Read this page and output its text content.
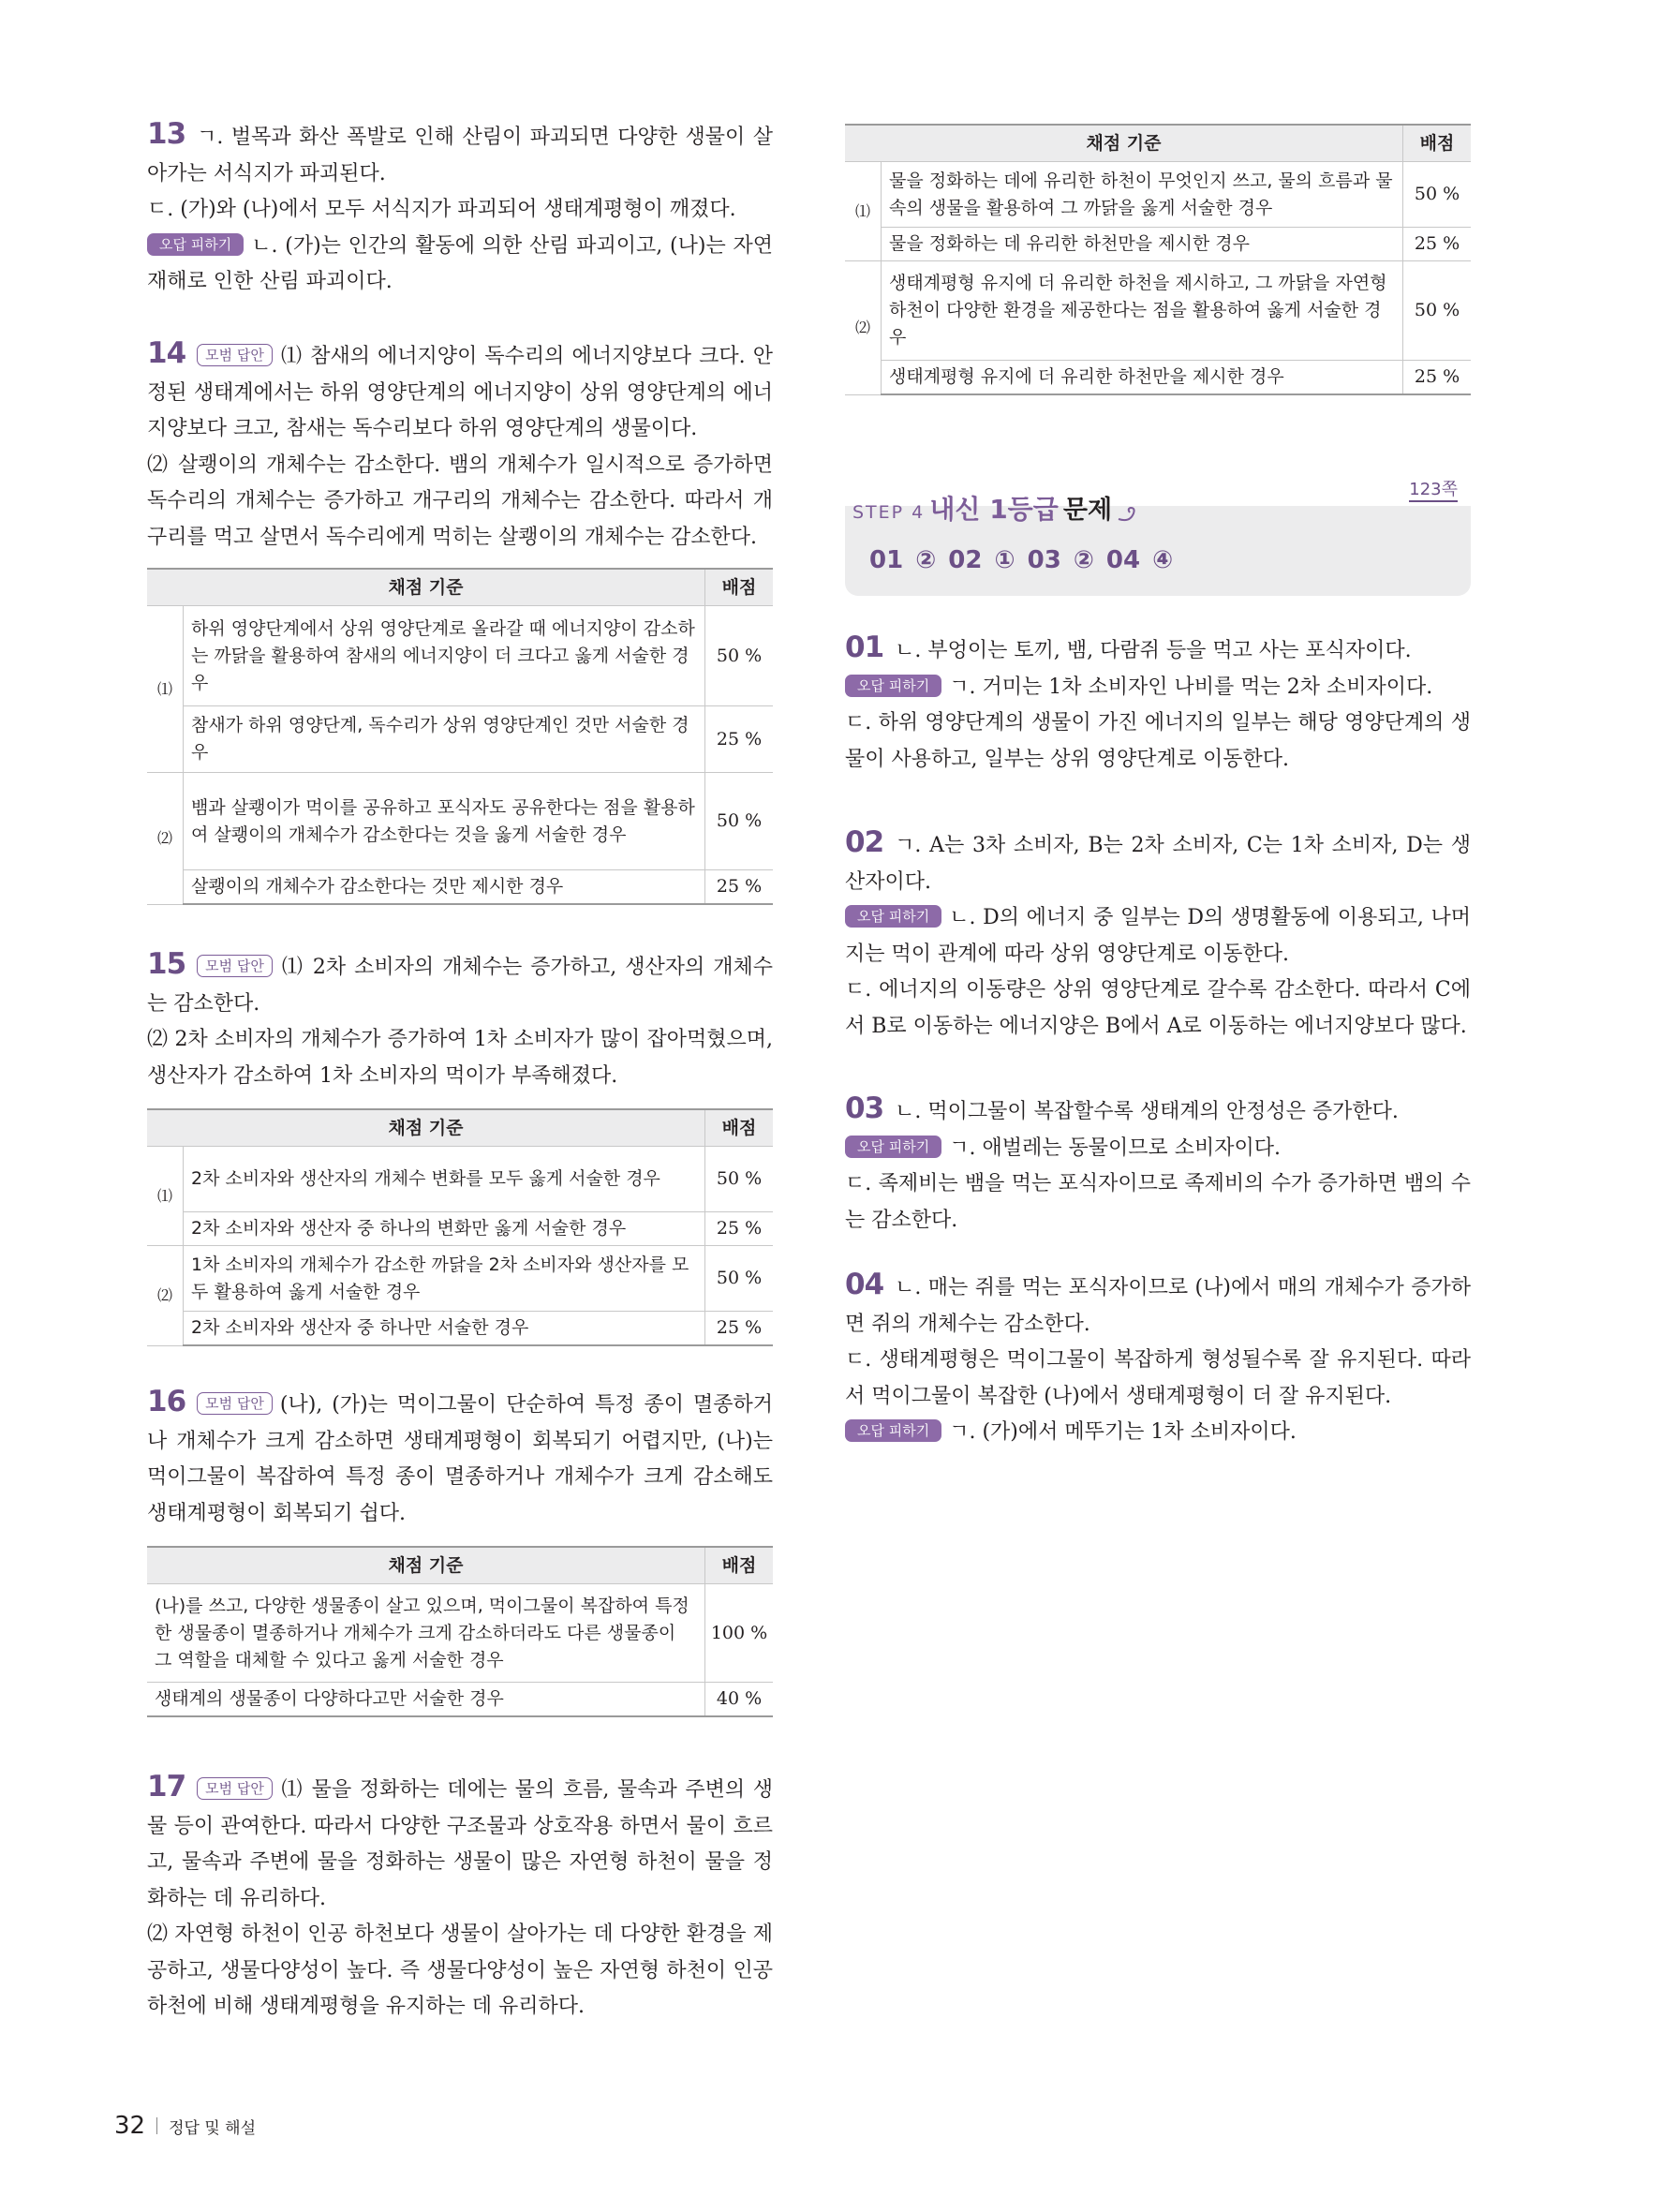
13 ㄱ. 벌목과 화산 폭발로 인해 산림이 파괴되면 다양한 생물이 살아가는 서식지가 파괴된다.

ㄷ. (가)와 (나)에서 모두 서식지가 파괴되어 생태계평형이 깨졌다.

오답 피하기 ㄴ. (가)는 인간의 활동에 의한 산림 파괴이고, (나)는 자연재해로 인한 산림 파괴이다.

14 모범 답안 ⑴ 참새의 에너지양이 독수리의 에너지양보다 크다. 안정된 생태계에서는 하위 영양단계의 에너지양이 상위 영양단계의 에너지양보다 크고, 참새는 독수리보다 하위 영양단계의 생물이다.

⑵ 살쾡이의 개체수는 감소한다. 뱀의 개체수가 일시적으로 증가하면 독수리의 개체수는 증가하고 개구리의 개체수는 감소한다. 따라서 개구리를 먹고 살면서 독수리에게 먹히는 살쾡이의 개체수는 감소한다.

채점 기준		배점
⑴	하위 영양단계에서 상위 영양단계로 올라갈 때 에너지양이 감소하는 까닭을 활용하여 참새의 에너지양이 더 크다고 옳게 서술한 경우	50 %
	참새가 하위 영양단계, 독수리가 상위 영양단계인 것만 서술한 경우	25 %
⑵	뱀과 살쾡이가 먹이를 공유하고 포식자도 공유한다는 점을 활용하여 살쾡이의 개체수가 감소한다는 것을 옳게 서술한 경우	50 %
	살쾡이의 개체수가 감소한다는 것만 제시한 경우	25 %

15 모범 답안 ⑴ 2차 소비자의 개체수는 증가하고, 생산자의 개체수는 감소한다.

⑵ 2차 소비자의 개체수가 증가하여 1차 소비자가 많이 잡아먹혔으며, 생산자가 감소하여 1차 소비자의 먹이가 부족해졌다.

채점 기준		배점
⑴	2차 소비자와 생산자의 개체수 변화를 모두 옳게 서술한 경우	50 %
	2차 소비자와 생산자 중 하나의 변화만 옳게 서술한 경우	25 %
⑵	1차 소비자의 개체수가 감소한 까닭을 2차 소비자와 생산자를 모두 활용하여 옳게 서술한 경우	50 %
	2차 소비자와 생산자 중 하나만 서술한 경우	25 %

16 모범 답안 (나), (가)는 먹이그물이 단순하여 특정 종이 멸종하거나 개체수가 크게 감소하면 생태계평형이 회복되기 어렵지만, (나)는 먹이그물이 복잡하여 특정 종이 멸종하거나 개체수가 크게 감소해도 생태계평형이 회복되기 쉽다.

채점 기준	배점
(나)를 쓰고, 다양한 생물종이 살고 있으며, 먹이그물이 복잡하여 특정한 생물종이 멸종하거나 개체수가 크게 감소하더라도 다른 생물종이 그 역할을 대체할 수 있다고 옳게 서술한 경우	100 %
생태계의 생물종이 다양하다고만 서술한 경우	40 %

17 모범 답안 ⑴ 물을 정화하는 데에는 물의 흐름, 물속과 주변의 생물 등이 관여한다. 따라서 다양한 구조물과 상호작용 하면서 물이 흐르고, 물속과 주변에 물을 정화하는 생물이 많은 자연형 하천이 물을 정화하는 데 유리하다.

⑵ 자연형 하천이 인공 하천보다 생물이 살아가는 데 다양한 환경을 제공하고, 생물다양성이 높다. 즉 생물다양성이 높은 자연형 하천이 인공하천에 비해 생태계평형을 유지하는 데 유리하다.

채점 기준		배점
⑴	물을 정화하는 데에 유리한 하천이 무엇인지 쓰고, 물의 흐름과 물속의 생물을 활용하여 그 까닭을 옳게 서술한 경우	50 %
	물을 정화하는 데 유리한 하천만을 제시한 경우	25 %
⑵	생태계평형 유지에 더 유리한 하천을 제시하고, 그 까닭을 자연형 하천이 다양한 환경을 제공한다는 점을 활용하여 옳게 서술한 경우	50 %
	생태계평형 유지에 더 유리한 하천만을 제시한 경우	25 %
STEP 4 내신 1등급 문제
123쪽
01 ② 02 ① 03 ② 04 ④

01 ㄴ. 부엉이는 토끼, 뱀, 다람쥐 등을 먹고 사는 포식자이다.

오답 피하기 ㄱ. 거미는 1차 소비자인 나비를 먹는 2차 소비자이다.

ㄷ. 하위 영양단계의 생물이 가진 에너지의 일부는 해당 영양단계의 생물이 사용하고, 일부는 상위 영양단계로 이동한다.

02 ㄱ. A는 3차 소비자, B는 2차 소비자, C는 1차 소비자, D는 생산자이다.

오답 피하기 ㄴ. D의 에너지 중 일부는 D의 생명활동에 이용되고, 나머지는 먹이 관계에 따라 상위 영양단계로 이동한다.

ㄷ. 에너지의 이동량은 상위 영양단계로 갈수록 감소한다. 따라서 C에서 B로 이동하는 에너지양은 B에서 A로 이동하는 에너지양보다 많다.

03 ㄴ. 먹이그물이 복잡할수록 생태계의 안정성은 증가한다.

오답 피하기 ㄱ. 애벌레는 동물이므로 소비자이다.

ㄷ. 족제비는 뱀을 먹는 포식자이므로 족제비의 수가 증가하면 뱀의 수는 감소한다.

04 ㄴ. 매는 쥐를 먹는 포식자이므로 (나)에서 매의 개체수가 증가하면 쥐의 개체수는 감소한다.

ㄷ. 생태계평형은 먹이그물이 복잡하게 형성될수록 잘 유지된다. 따라서 먹이그물이 복잡한 (나)에서 생태계평형이 더 잘 유지된다.

오답 피하기 ㄱ. (가)에서 메뚜기는 1차 소비자이다.

32 정답 및 해설
